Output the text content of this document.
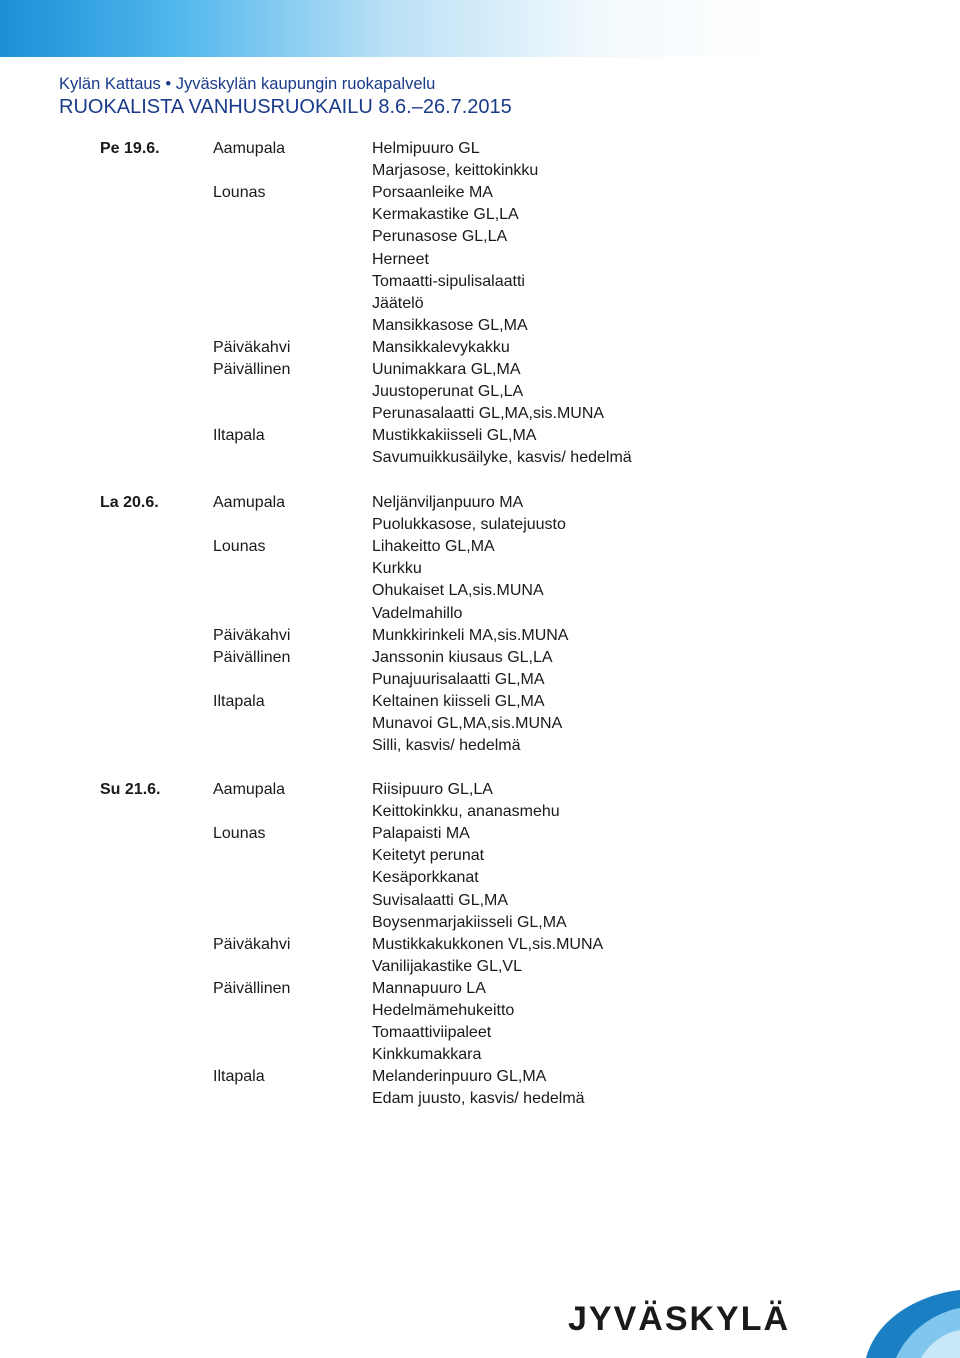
Kylän Kattaus • Jyväskylän kaupungin ruokapalvelu
RUOKALISTA VANHUSRUOKAILU 8.6.–26.7.2015
Pe 19.6.	Aamupala	Helmipuuro GL
Marjasose, keittokinkku
Lounas	Porsaanleike MA
Kermakastike GL,LA
Perunasose GL,LA
Herneet
Tomaatti-sipulisalaatti
Jäätelö
Mansikkasose GL,MA
Päiväkahvi	Mansikkalevykakku
Päivällinen	Uunimakkara GL,MA
Juustoperunat GL,LA
Perunasalaatti GL,MA,sis.MUNA
Iltapala	Mustikkakiisseli GL,MA
Savumuikkusäilyke, kasvis/ hedelmä
La 20.6.	Aamupala	Neljänviljanpuuro MA
Puolukkasose, sulatejuusto
Lounas	Lihakeitto GL,MA
Kurkku
Ohukaiset LA,sis.MUNA
Vadelmahillo
Päiväkahvi	Munkkirinkeli MA,sis.MUNA
Päivällinen	Janssonin kiusaus GL,LA
Punajuurisalaatti GL,MA
Iltapala	Keltainen kiisseli GL,MA
Munavoi GL,MA,sis.MUNA
Silli, kasvis/ hedelmä
Su 21.6.	Aamupala	Riisipuuro GL,LA
Keittokinkku, ananasmehu
Lounas	Palapaisti MA
Keitetyt perunat
Kesäporkkanat
Suvisalaatti GL,MA
Boysenmarjakiisseli GL,MA
Päiväkahvi	Mustikkakukkonen VL,sis.MUNA
Vanilijakastike GL,VL
Päivällinen	Mannapuuro LA
Hedelmämehukeitto
Tomaattiviipaleet
Kinkkumakkara
Iltapala	Melanderinpuuro GL,MA
Edam juusto, kasvis/ hedelmä
JYVÄSKYLÄ
